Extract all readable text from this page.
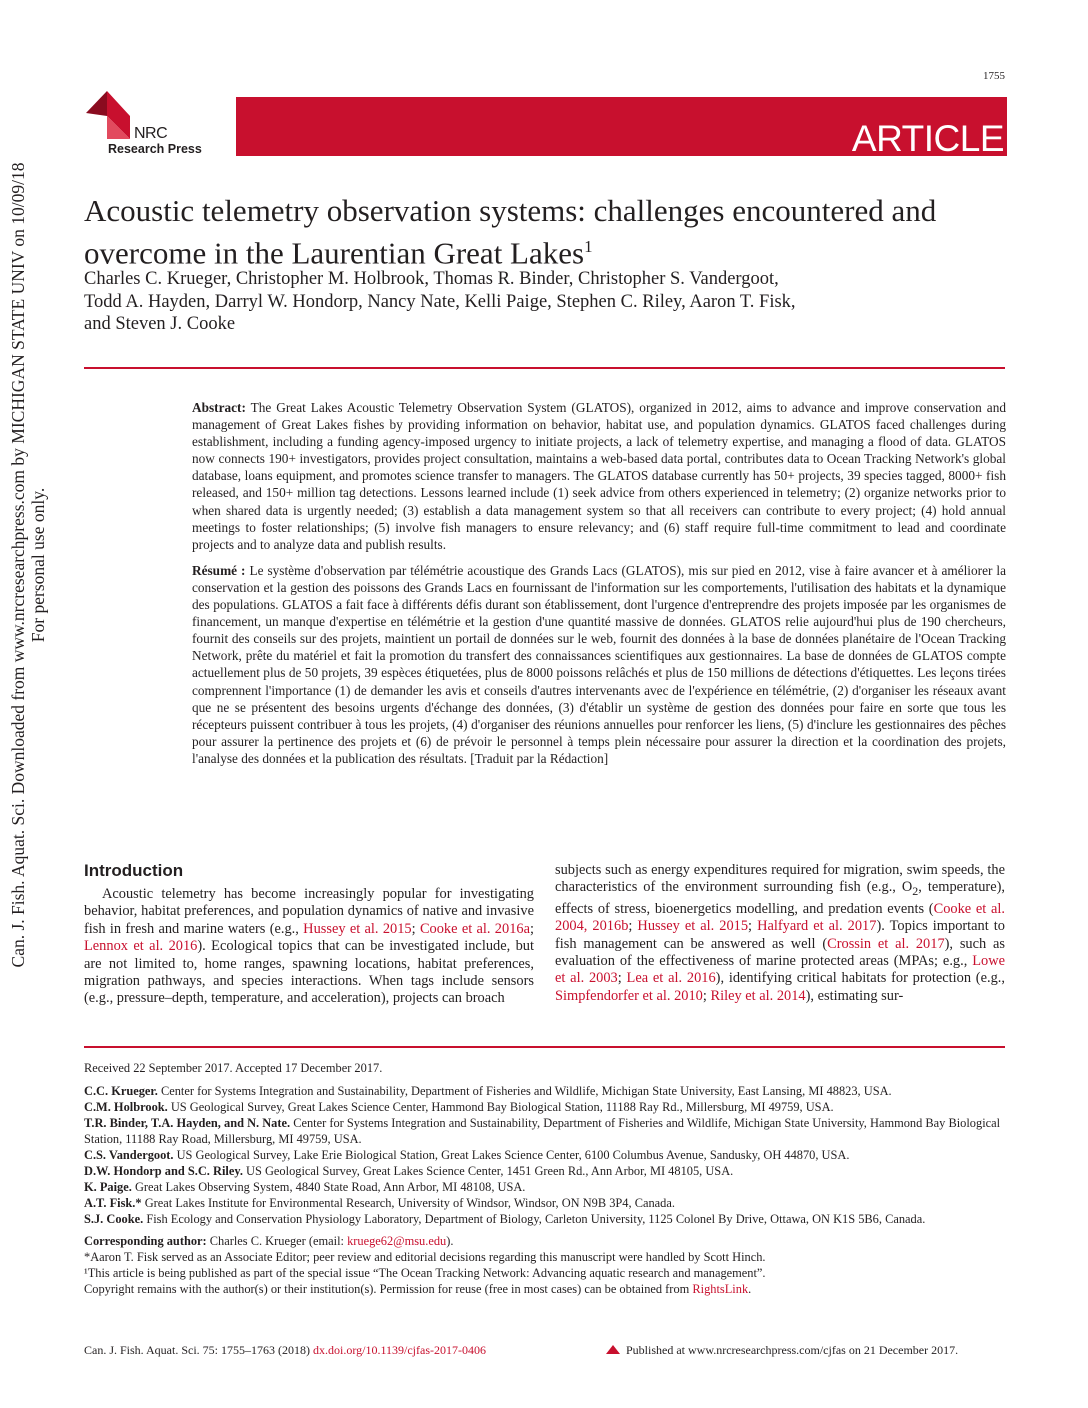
Can. J. Fish. Aquat. Sci. Downloaded from www.nrcresearchpress.com by MICHIGAN STATE UNIV on 10/09/18 For personal use only.
1755
NRC
Research Press	ARTICLE
Acoustic telemetry observation systems: challenges encountered and overcome in the Laurentian Great Lakes$^1$
Charles C. Krueger, Christopher M. Holbrook, Thomas R. Binder, Christopher S. Vandergoot,
Todd A. Hayden, Darryl W. Hondorp, Nancy Nate, Kelli Paige, Stephen C. Riley, Aaron T. Fisk,
and Steven J. Cooke

Abstract: The Great Lakes Acoustic Telemetry Observation System (GLATOS), organized in 2012, aims to advance and improve conservation and management of Great Lakes fishes by providing information on behavior, habitat use, and population dynamics. GLATOS faced challenges during establishment, including a funding agency-imposed urgency to initiate projects, a lack of telemetry expertise, and managing a flood of data. GLATOS now connects 190+ investigators, provides project consultation, maintains a web-based data portal, contributes data to Ocean Tracking Network's global database, loans equipment, and promotes science transfer to managers. The GLATOS database currently has 50+ projects, 39 species tagged, 8000+ fish released, and 150+ million tag detections. Lessons learned include (1) seek advice from others experienced in telemetry; (2) organize networks prior to when shared data is urgently needed; (3) establish a data management system so that all receivers can contribute to every project; (4) hold annual meetings to foster relationships; (5) involve fish managers to ensure relevancy; and (6) staff require full-time commitment to lead and coordinate projects and to analyze data and publish results.

Résumé : Le système d'observation par télémétrie acoustique des Grands Lacs (GLATOS), mis sur pied en 2012, vise à faire avancer et à améliorer la conservation et la gestion des poissons des Grands Lacs en fournissant de l'information sur les comportements, l'utilisation des habitats et la dynamique des populations. GLATOS a fait face à différents défis durant son établissement, dont l'urgence d'entreprendre des projets imposée par les organismes de financement, un manque d'expertise en télémétrie et la gestion d'une quantité massive de données. GLATOS relie aujourd'hui plus de 190 chercheurs, fournit des conseils sur des projets, maintient un portail de données sur le web, fournit des données à la base de données planétaire de l'Ocean Tracking Network, prête du matériel et fait la promotion du transfert des connaissances scientifiques aux gestionnaires. La base de données de GLATOS compte actuellement plus de 50 projets, 39 espèces étiquetées, plus de 8000 poissons relâchés et plus de 150 millions de détections d'étiquettes. Les leçons tirées comprennent l'importance (1) de demander les avis et conseils d'autres intervenants avec de l'expérience en télémétrie, (2) d'organiser les réseaux avant que ne se présentent des besoins urgents d'échange des données, (3) d'établir un système de gestion des données pour faire en sorte que tous les récepteurs puissent contribuer à tous les projets, (4) d'organiser des réunions annuelles pour renforcer les liens, (5) d'inclure les gestionnaires des pêches pour assurer la pertinence des projets et (6) de prévoir le personnel à temps plein nécessaire pour assurer la direction et la coordination des projets, l'analyse des données et la publication des résultats. [Traduit par la Rédaction]

Introduction

Acoustic telemetry has become increasingly popular for investigating behavior, habitat preferences, and population dynamics of native and invasive fish in fresh and marine waters (e.g., Hussey et al. 2015; Cooke et al. 2016a; Lennox et al. 2016). Ecological topics that can be investigated include, but are not limited to, home ranges, spawning locations, habitat preferences, migration pathways, and species interactions. When tags include sensors (e.g., pressure–depth, temperature, and acceleration), projects can broach

subjects such as energy expenditures required for migration, swim speeds, the characteristics of the environment surrounding fish (e.g., $O_2$, temperature), effects of stress, bioenergetics modelling, and predation events (Cooke et al. 2004, 2016b; Hussey et al. 2015; Halfyard et al. 2017). Topics important to fish management can be answered as well (Crossin et al. 2017), such as evaluation of the effectiveness of marine protected areas (MPAs; e.g., Lowe et al. 2003; Lea et al. 2016), identifying critical habitats for protection (e.g., Simpfendorfer et al. 2010; Riley et al. 2014), estimating sur-

Received 22 September 2017. Accepted 17 December 2017.

C.C. Krueger. Center for Systems Integration and Sustainability, Department of Fisheries and Wildlife, Michigan State University, East Lansing, MI 48823, USA.

C.M. Holbrook. US Geological Survey, Great Lakes Science Center, Hammond Bay Biological Station, 11188 Ray Rd., Millersburg, MI 49759, USA.

T.R. Binder, T.A. Hayden, and N. Nate. Center for Systems Integration and Sustainability, Department of Fisheries and Wildlife, Michigan State University, Hammond Bay Biological Station, 11188 Ray Road, Millersburg, MI 49759, USA.

C.S. Vandergoot. US Geological Survey, Lake Erie Biological Station, Great Lakes Science Center, 6100 Columbus Avenue, Sandusky, OH 44870, USA.

D.W. Hondorp and S.C. Riley. US Geological Survey, Great Lakes Science Center, 1451 Green Rd., Ann Arbor, MI 48105, USA.

K. Paige. Great Lakes Observing System, 4840 State Road, Ann Arbor, MI 48108, USA.

A.T. Fisk.* Great Lakes Institute for Environmental Research, University of Windsor, Windsor, ON N9B 3P4, Canada.

S.J. Cooke. Fish Ecology and Conservation Physiology Laboratory, Department of Biology, Carleton University, 1125 Colonel By Drive, Ottawa, ON K1S 5B6, Canada.

Corresponding author: Charles C. Krueger (email: kruege62@msu.edu).

*Aaron T. Fisk served as an Associate Editor; peer review and editorial decisions regarding this manuscript were handled by Scott Hinch.

¹This article is being published as part of the special issue “The Ocean Tracking Network: Advancing aquatic research and management”.

Copyright remains with the author(s) or their institution(s). Permission for reuse (free in most cases) can be obtained from RightsLink.

Can. J. Fish. Aquat. Sci. 75: 1755–1763 (2018) dx.doi.org/10.1139/cjfas-2017-0406	Published at www.nrcresearchpress.com/cjfas on 21 December 2017.
